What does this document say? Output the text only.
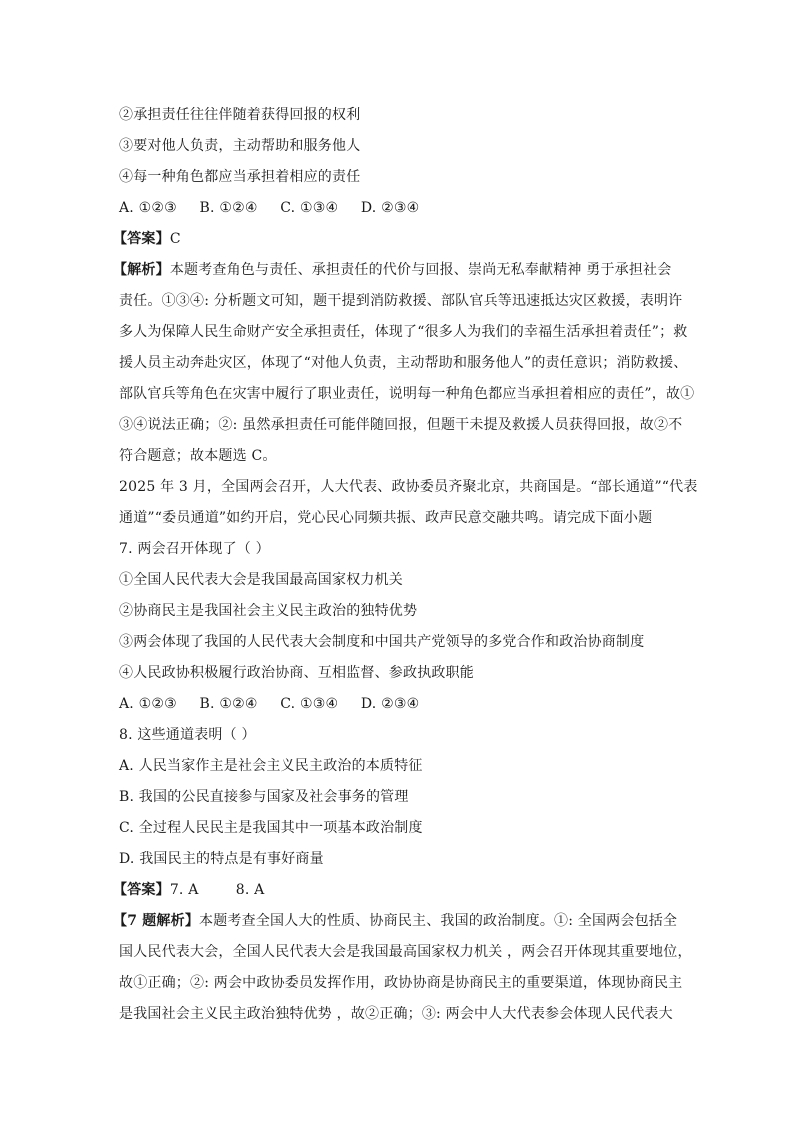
②承担责任往往伴随着获得回报的权利
③要对他人负责，主动帮助和服务他人
④每一种角色都应当承担着相应的责任
A. ①②③ B. ①②④ C. ①③④ D. ②③④
【答案】C
【解析】本题考查角色与责任、承担责任的代价与回报、崇尚无私奉献精神 勇于承担社会
责任。①③④: 分析题文可知，题干提到消防救援、部队官兵等迅速抵达灾区救援，表明许
多人为保障人民生命财产安全承担责任，体现了“很多人为我们的幸福生活承担着责任”；救
援人员主动奔赴灾区，体现了“对他人负责，主动帮助和服务他人”的责任意识；消防救援、
部队官兵等角色在灾害中履行了职业责任，说明每一种角色都应当承担着相应的责任”，故①
③④说法正确；②: 虽然承担责任可能伴随回报，但题干未提及救援人员获得回报，故②不
符合题意；故本题选 C。
2025 年 3 月，全国两会召开，人大代表、政协委员齐聚北京，共商国是。“部长通道”“代表
通道”“委员通道”如约开启，党心民心同频共振、政声民意交融共鸣。请完成下面小题
7. 两会召开体现了（ ）
①全国人民代表大会是我国最高国家权力机关
②协商民主是我国社会主义民主政治的独特优势
③两会体现了我国的人民代表大会制度和中国共产党领导的多党合作和政治协商制度
④人民政协积极履行政治协商、互相监督、参政执政职能
A. ①②③ B. ①②④ C. ①③④ D. ②③④
8. 这些通道表明（ ）
A. 人民当家作主是社会主义民主政治的本质特征
B. 我国的公民直接参与国家及社会事务的管理
C. 全过程人民民主是我国其中一项基本政治制度
D. 我国民主的特点是有事好商量
【答案】7. A        8. A
【7 题解析】本题考查全国人大的性质、协商民主、我国的政治制度。①: 全国两会包括全
国人民代表大会，全国人民代表大会是我国最高国家权力机关 ，两会召开体现其重要地位，
故①正确；②: 两会中政协委员发挥作用，政协协商是协商民主的重要渠道，体现协商民主
是我国社会主义民主政治独特优势 ，故②正确；③: 两会中人大代表参会体现人民代表大
